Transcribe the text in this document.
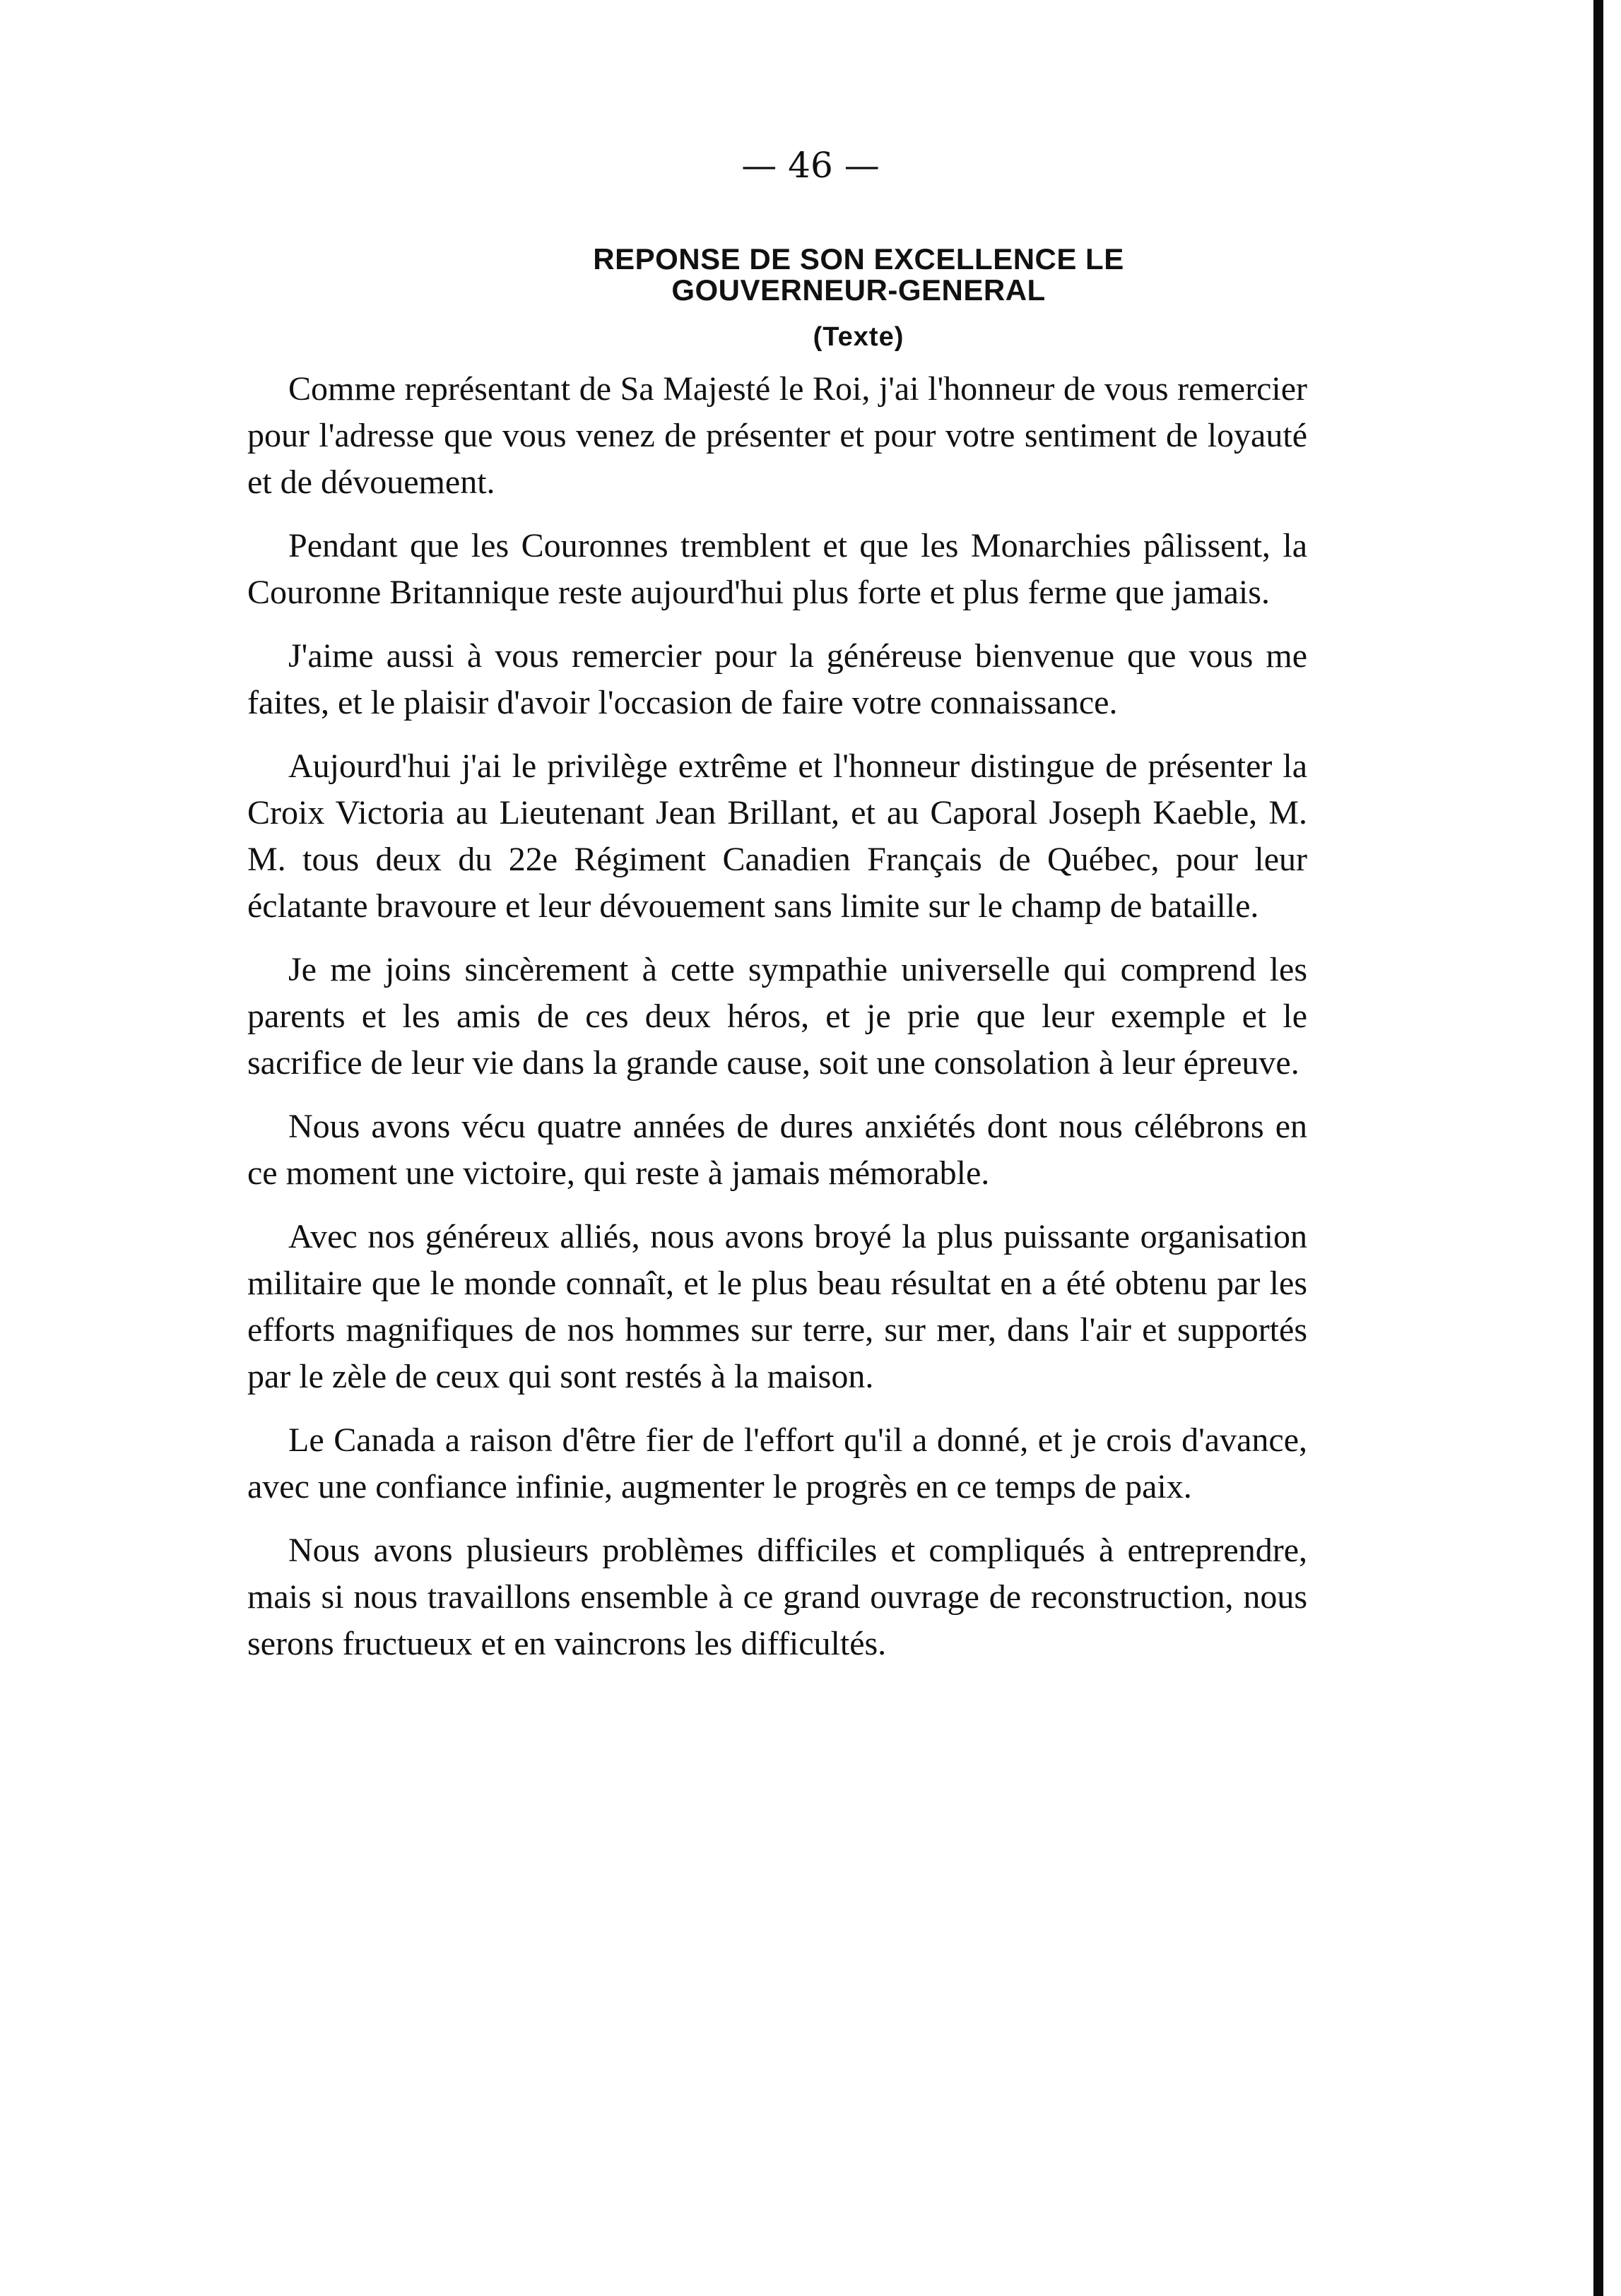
— 46 —
REPONSE DE SON EXCELLENCE LE
GOUVERNEUR-GENERAL
(Texte)

Comme représentant de Sa Majesté le Roi, j'ai l'honneur de vous remercier pour l'adresse que vous venez de présenter et pour votre sentiment de loyauté et de dévouement.

Pendant que les Couronnes tremblent et que les Monarchies pâlissent, la Couronne Britannique reste aujourd'hui plus forte et plus ferme que jamais.

J'aime aussi à vous remercier pour la généreuse bienvenue que vous me faites, et le plaisir d'avoir l'occasion de faire votre connaissance.

Aujourd'hui j'ai le privilège extrême et l'honneur distingue de présenter la Croix Victoria au Lieutenant Jean Brillant, et au Caporal Joseph Kaeble, M. M. tous deux du 22e Régiment Canadien Français de Québec, pour leur éclatante bravoure et leur dévouement sans limite sur le champ de bataille.

Je me joins sincèrement à cette sympathie universelle qui comprend les parents et les amis de ces deux héros, et je prie que leur exemple et le sacrifice de leur vie dans la grande cause, soit une consolation à leur épreuve.

Nous avons vécu quatre années de dures anxiétés dont nous célébrons en ce moment une victoire, qui reste à jamais mémorable.

Avec nos généreux alliés, nous avons broyé la plus puissante organisation militaire que le monde connaît, et le plus beau résultat en a été obtenu par les efforts magnifiques de nos hommes sur terre, sur mer, dans l'air et supportés par le zèle de ceux qui sont restés à la maison.

Le Canada a raison d'être fier de l'effort qu'il a donné, et je crois d'avance, avec une confiance infinie, augmenter le progrès en ce temps de paix.

Nous avons plusieurs problèmes difficiles et compliqués à entreprendre, mais si nous travaillons ensemble à ce grand ouvrage de reconstruction, nous serons fructueux et en vaincrons les difficultés.
